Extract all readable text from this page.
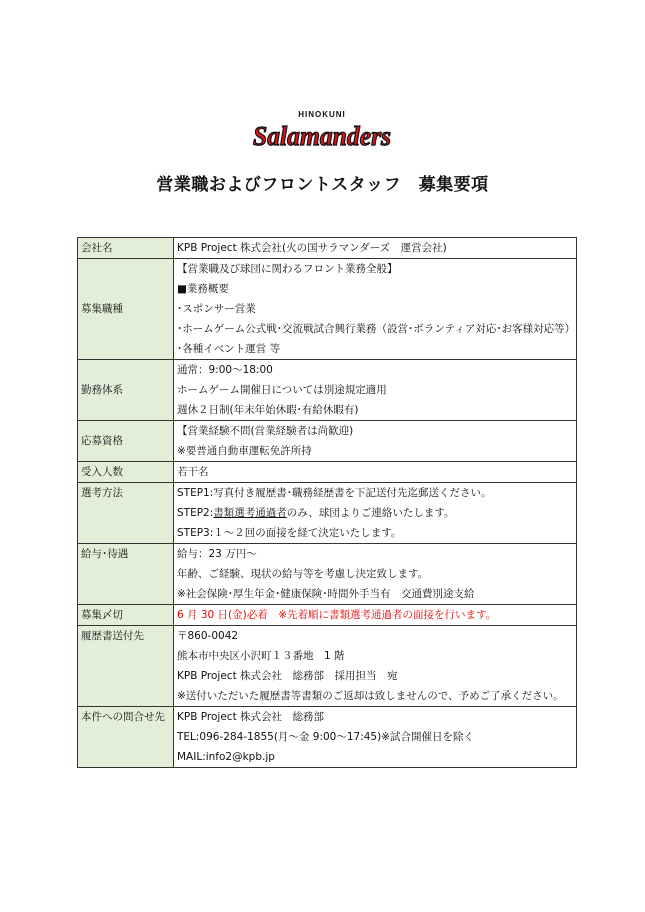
HINOKUNI
Salamanders
営業職およびフロントスタッフ　募集要項
会社名	KPB Project 株式会社(火の国サラマンダーズ　運営会社)

募集職種	【営業職及び球団に関わるフロント業務全般】
■業務概要
･スポンサー営業
･ホームゲーム公式戦･交流戦試合興行業務（設営･ボランティア対応･お客様対応等）
･各種イベント運営 等

勤務体系	通常：9:00～18:00
ホームゲーム開催日については別途規定適用
週休２日制(年末年始休暇･有給休暇有)

応募資格	【営業経験不問(営業経験者は尚歓迎)
※要普通自動車運転免許所持

受入人数	若干名

選考方法	STEP1:写真付き履歴書･職務経歴書を下記送付先迄郵送ください。
STEP2:書類選考通過者のみ、球団よりご連絡いたします。
STEP3:１～２回の面接を経て決定いたします。

給与･待遇	給与：23 万円～
年齢、ご経験、現状の給与等を考慮し決定致します。
※社会保険･厚生年金･健康保険･時間外手当有　交通費別途支給

募集〆切	6 月 30 日(金)必着　※先着順に書類選考通過者の面接を行います。

履歴書送付先	〒860-0042
熊本市中央区小沢町１３番地　1 階
KPB Project 株式会社　総務部　採用担当　宛
※送付いただいた履歴書等書類のご返却は致しませんので、予めご了承ください。

本件への問合せ先	KPB Project 株式会社　総務部
TEL:096-284-1855(月～金 9:00～17:45)※試合開催日を除く
MAIL:info2@kpb.jp
